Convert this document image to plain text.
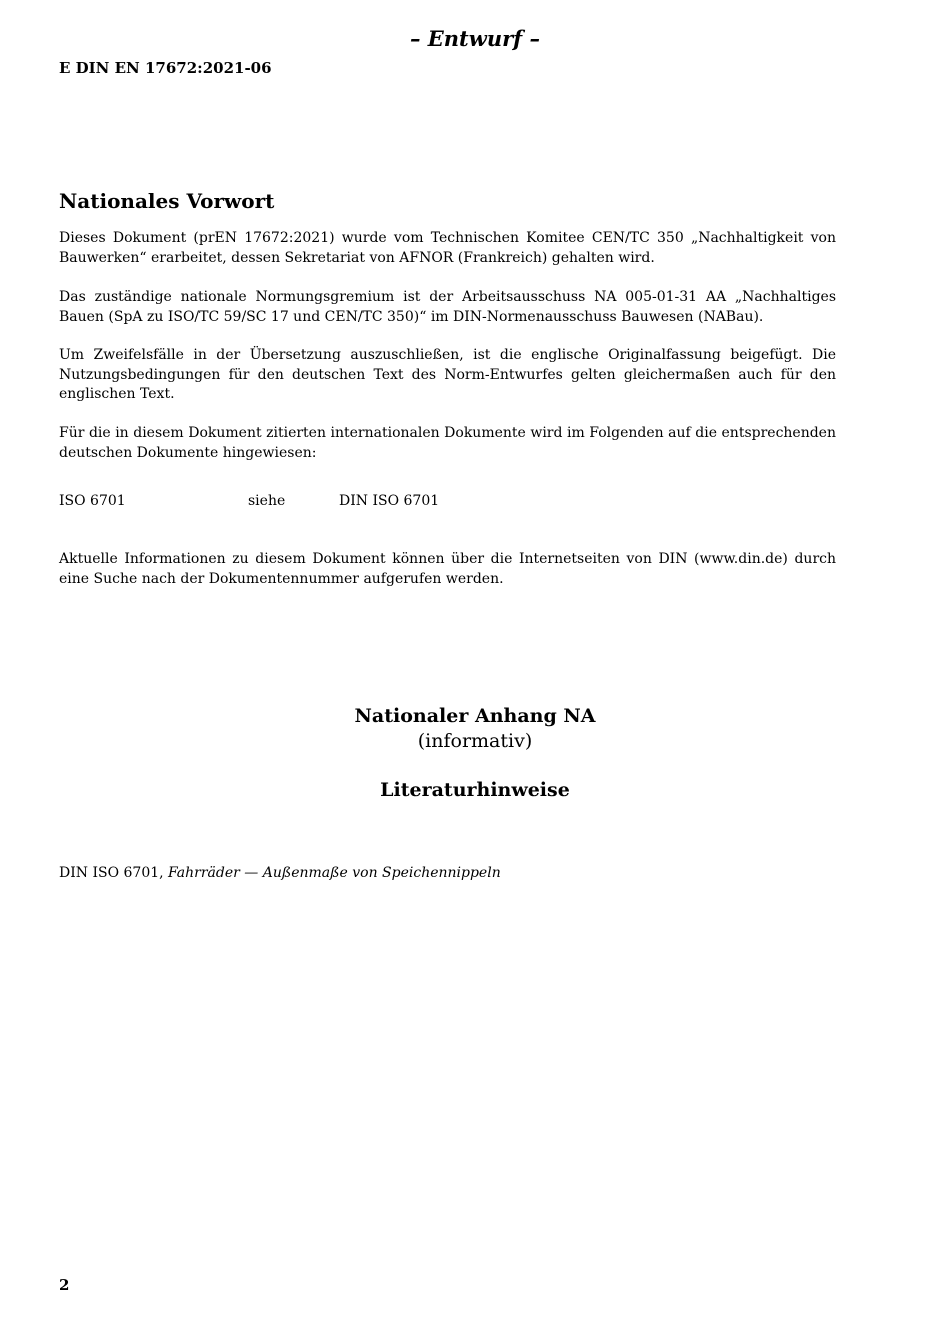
– Entwurf –
E DIN EN 17672:2021-06
Nationales Vorwort

Dieses Dokument (prEN 17672:2021) wurde vom Technischen Komitee CEN/TC 350 „Nachhaltigkeit von Bauwerken“ erarbeitet, dessen Sekretariat von AFNOR (Frankreich) gehalten wird.

Das zuständige nationale Normungsgremium ist der Arbeitsausschuss NA 005-01-31 AA „Nachhaltiges Bauen (SpA zu ISO/TC 59/SC 17 und CEN/TC 350)“ im DIN-Normenausschuss Bauwesen (NABau).

Um Zweifelsfälle in der Übersetzung auszuschließen, ist die englische Originalfassung beigefügt. Die Nutzungsbedingungen für den deutschen Text des Norm-Entwurfes gelten gleichermaßen auch für den englischen Text.

Für die in diesem Dokument zitierten internationalen Dokumente wird im Folgenden auf die entsprechenden deutschen Dokumente hingewiesen:

ISO 6701	siehe	DIN ISO 6701

Aktuelle Informationen zu diesem Dokument können über die Internetseiten von DIN (www.din.de) durch eine Suche nach der Dokumentennummer aufgerufen werden.

Nationaler Anhang NA
(informativ)
Literaturhinweise
DIN ISO 6701, Fahrräder — Außenmaße von Speichennippeln
2
